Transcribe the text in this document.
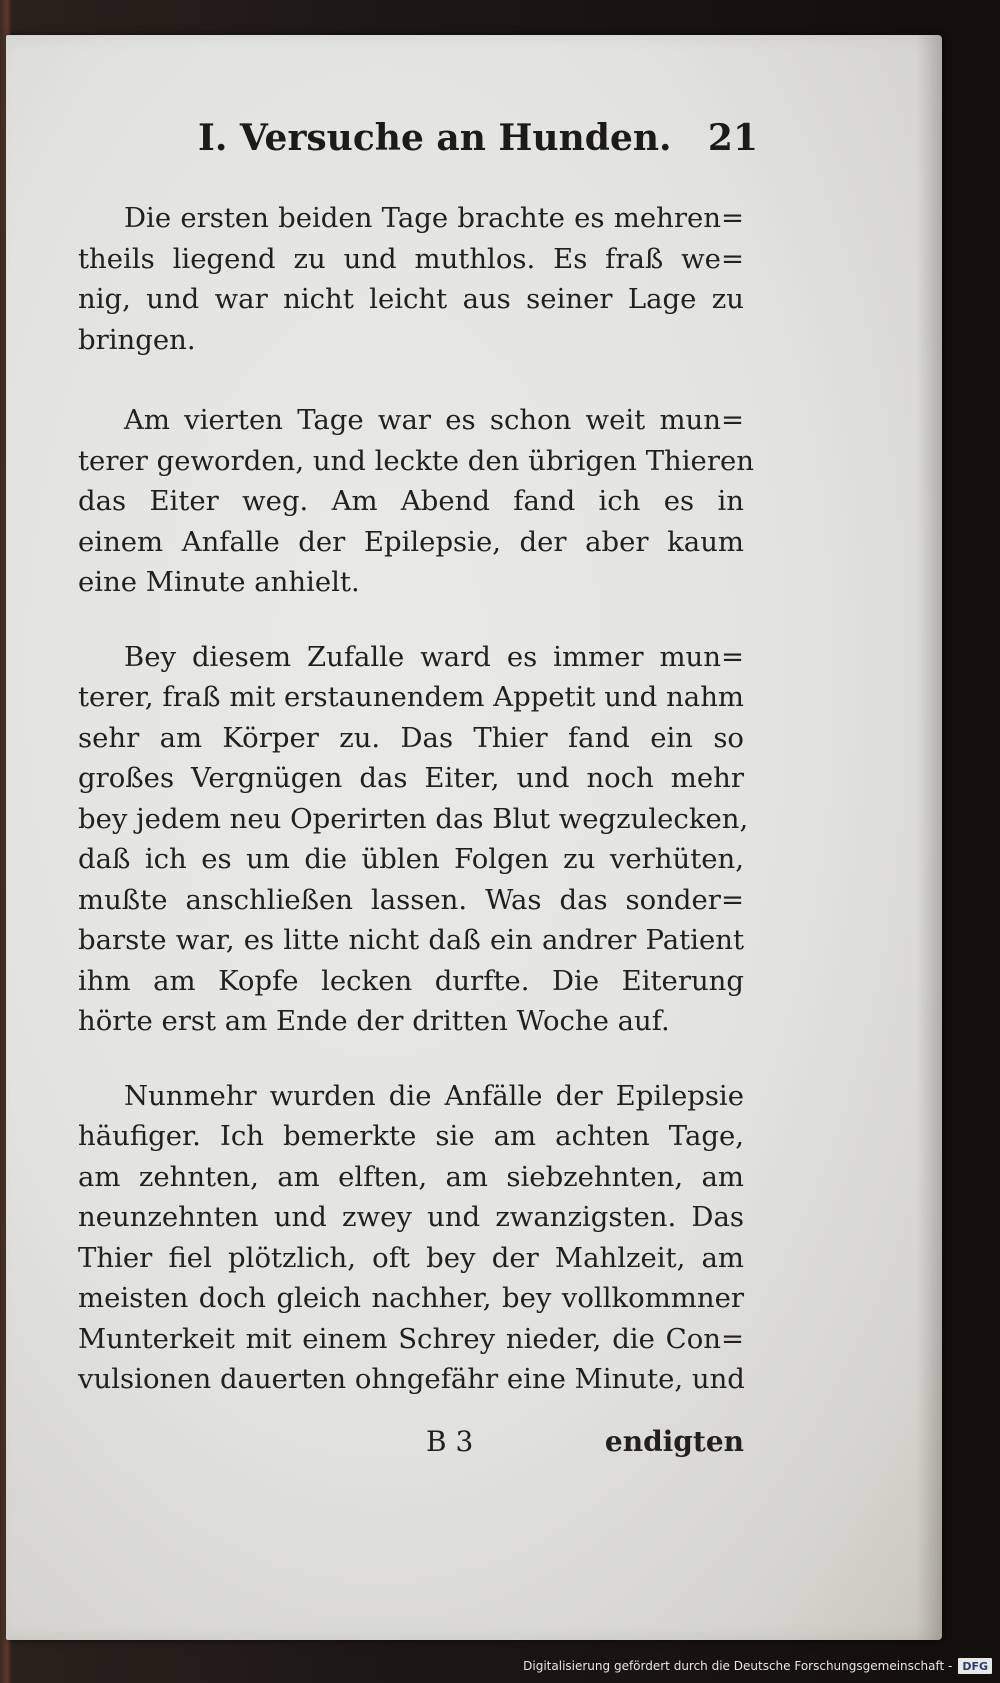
I. Versuche an Hunden. 21

Die ersten beiden Tage brachte es mehren=
theils liegend zu und muthlos. Es fraß we=
nig, und war nicht leicht aus seiner Lage zu
bringen.

Am vierten Tage war es schon weit mun=
terer geworden, und leckte den übrigen Thieren
das Eiter weg. Am Abend fand ich es in
einem Anfalle der Epilepsie, der aber kaum
eine Minute anhielt.

Bey diesem Zufalle ward es immer mun=
terer, fraß mit erstaunendem Appetit und nahm
sehr am Körper zu. Das Thier fand ein so
großes Vergnügen das Eiter, und noch mehr
bey jedem neu Operirten das Blut wegzulecken,
daß ich es um die üblen Folgen zu verhüten,
mußte anschließen lassen. Was das sonder=
barste war, es litte nicht daß ein andrer Patient
ihm am Kopfe lecken durfte. Die Eiterung
hörte erst am Ende der dritten Woche auf.

Nunmehr wurden die Anfälle der Epilepsie
häufiger. Ich bemerkte sie am achten Tage,
am zehnten, am elften, am siebzehnten, am
neunzehnten und zwey und zwanzigsten. Das
Thier fiel plötzlich, oft bey der Mahlzeit, am
meisten doch gleich nachher, bey vollkommner
Munterkeit mit einem Schrey nieder, die Con=
vulsionen dauerten ohngefähr eine Minute, und

B 3	endigten
Digitalisierung gefördert durch die Deutsche Forschungsgemeinschaft - DFG
